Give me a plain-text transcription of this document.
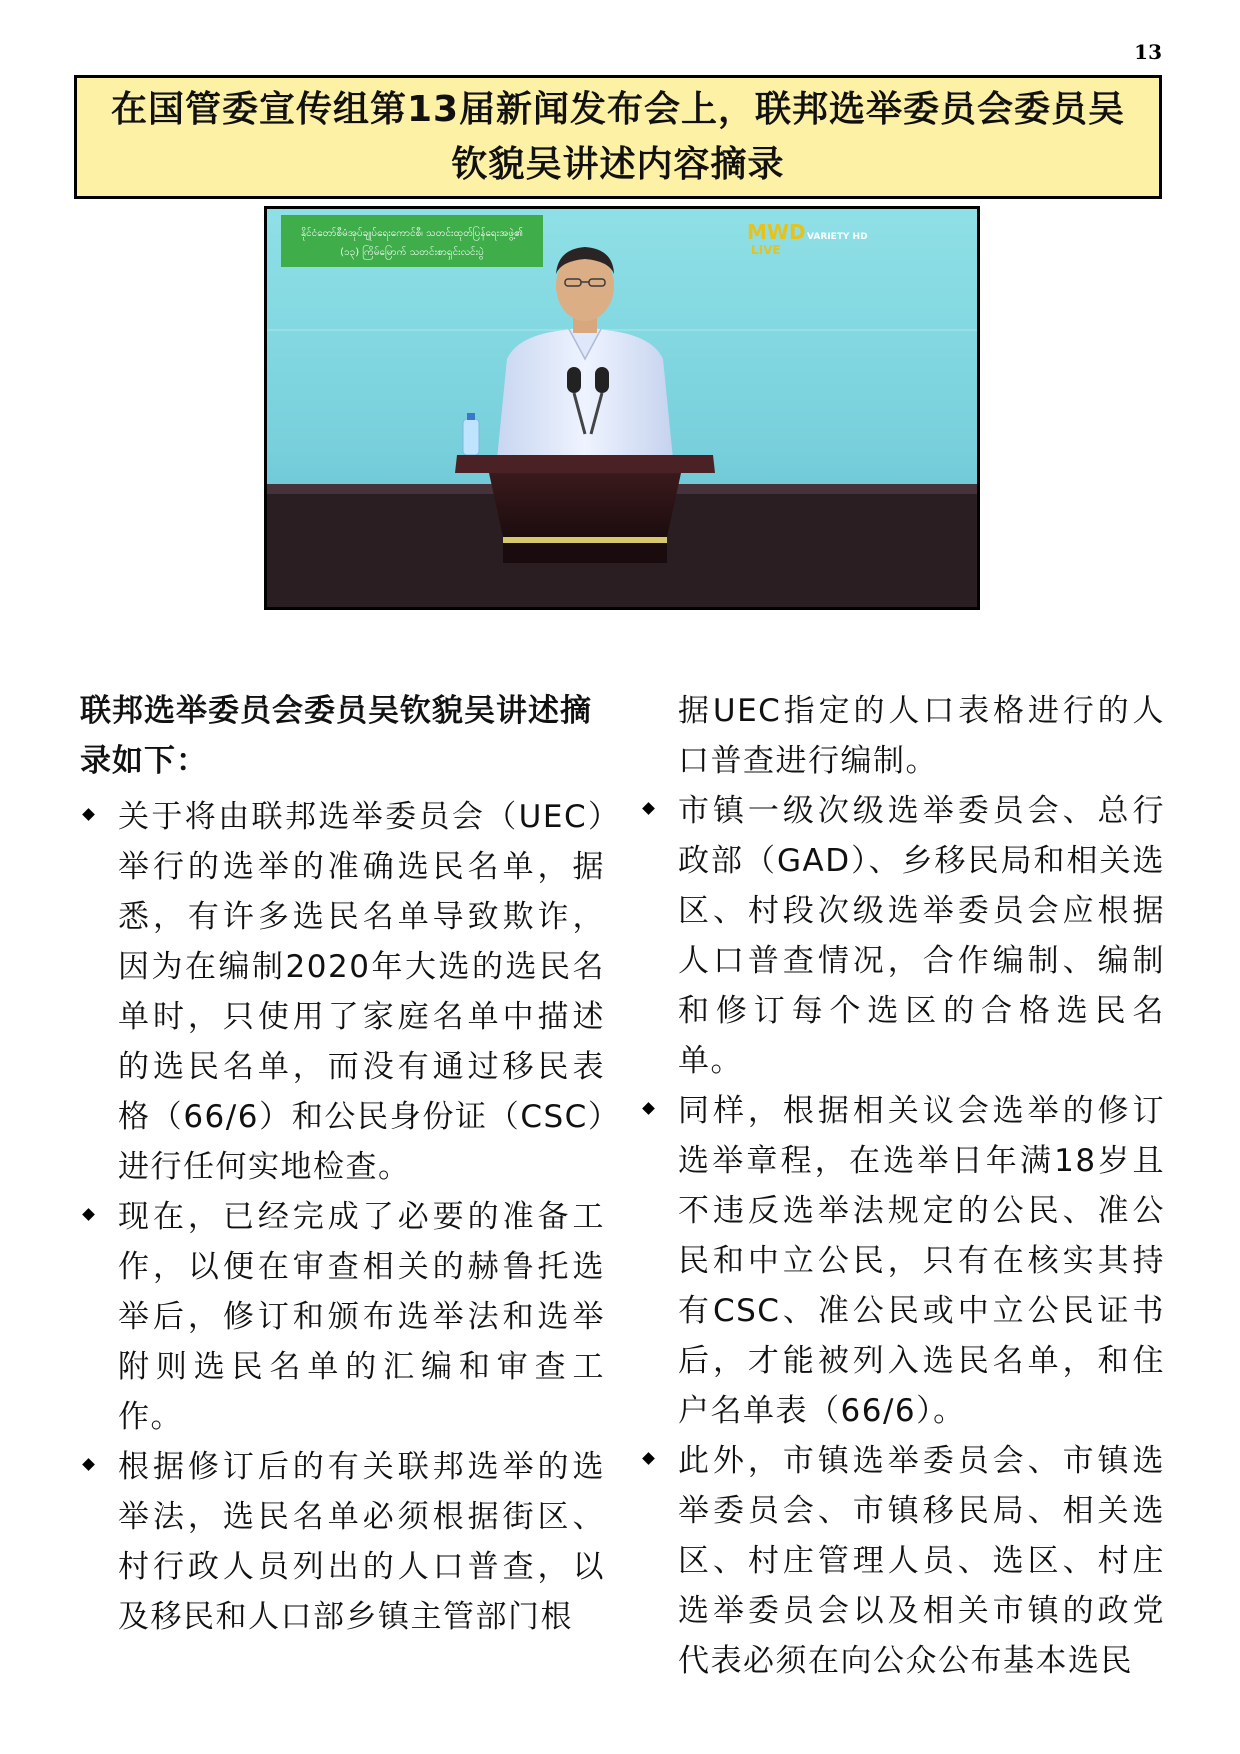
13
在国管委宣传组第13届新闻发布会上，联邦选举委员会委员吴钦貌吴讲述内容摘录
နိုင်ငံတော်စီမံအုပ်ချုပ်ရေးကောင်စီ၊ သတင်းထုတ်ပြန်ရေးအဖွဲ့၏
(၁၃) ကြိမ်မြောက် သတင်းစာရှင်းလင်းပွဲ
MWD VARIETY HD
LIVE

联邦选举委员会委员吴钦貌吴讲述摘录如下：

关于将由联邦选举委员会（UEC）举行的选举的准确选民名单，据悉，有许多选民名单导致欺诈，因为在编制2020年大选的选民名单时，只使用了家庭名单中描述的选民名单，而没有通过移民表格（66/6）和公民身份证（CSC）进行任何实地检查。
现在，已经完成了必要的准备工作，以便在审查相关的赫鲁托选举后，修订和颁布选举法和选举附则选民名单的汇编和审查工作。
根据修订后的有关联邦选举的选举法，选民名单必须根据街区、村行政人员列出的人口普查，以及移民和人口部乡镇主管部门根

据UEC指定的人口表格进行的人口普查进行编制。

市镇一级次级选举委员会、总行政部（GAD）、乡移民局和相关选区、村段次级选举委员会应根据人口普查情况，合作编制、编制和修订每个选区的合格选民名单。
同样，根据相关议会选举的修订选举章程，在选举日年满18岁且不违反选举法规定的公民、准公民和中立公民，只有在核实其持有CSC、准公民或中立公民证书后，才能被列入选民名单，和住户名单表（66/6）。
此外，市镇选举委员会、市镇选举委员会、市镇移民局、相关选区、村庄管理人员、选区、村庄选举委员会以及相关市镇的政党代表必须在向公众公布基本选民
